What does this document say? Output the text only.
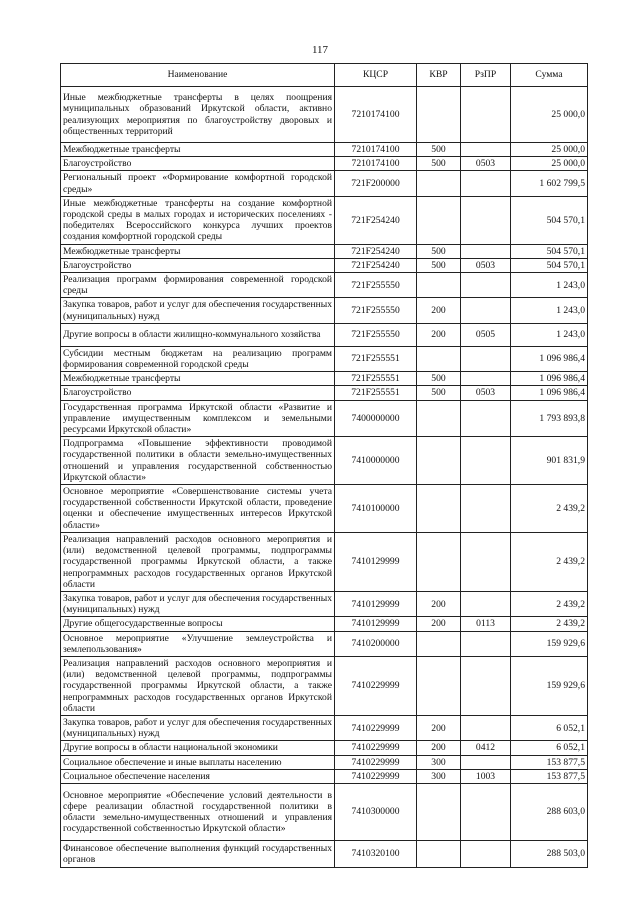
117
Наименование	КЦСР	КВР	РзПР	Сумма
Иные межбюджетные трансферты в целях поощрения муниципальных образований Иркутской области, активно реализующих мероприятия по благоустройству дворовых и общественных территорий	7210174100			25 000,0
Межбюджетные трансферты	7210174100	500		25 000,0
Благоустройство	7210174100	500	0503	25 000,0
Региональный проект «Формирование комфортной городской среды»	721F200000			1 602 799,5
Иные межбюджетные трансферты на создание комфортной городской среды в малых городах и исторических поселениях - победителях Всероссийского конкурса лучших проектов создания комфортной городской среды	721F254240			504 570,1
Межбюджетные трансферты	721F254240	500		504 570,1
Благоустройство	721F254240	500	0503	504 570,1
Реализация программ формирования современной городской среды	721F255550			1 243,0
Закупка товаров, работ и услуг для обеспечения государственных (муниципальных) нужд	721F255550	200		1 243,0
Другие вопросы в области жилищно-коммунального хозяйства	721F255550	200	0505	1 243,0
Субсидии местным бюджетам на реализацию программ формирования современной городской среды	721F255551			1 096 986,4
Межбюджетные трансферты	721F255551	500		1 096 986,4
Благоустройство	721F255551	500	0503	1 096 986,4
Государственная программа Иркутской области «Развитие и управление имущественным комплексом и земельными ресурсами Иркутской области»	7400000000			1 793 893,8
Подпрограмма «Повышение эффективности проводимой государственной политики в области земельно-имущественных отношений и управления государственной собственностью Иркутской области»	7410000000			901 831,9
Основное мероприятие «Совершенствование системы учета государственной собственности Иркутской области, проведение оценки и обеспечение имущественных интересов Иркутской области»	7410100000			2 439,2
Реализация направлений расходов основного мероприятия и (или) ведомственной целевой программы, подпрограммы государственной программы Иркутской области, а также непрограммных расходов государственных органов Иркутской области	7410129999			2 439,2
Закупка товаров, работ и услуг для обеспечения государственных (муниципальных) нужд	7410129999	200		2 439,2
Другие общегосударственные вопросы	7410129999	200	0113	2 439,2
Основное мероприятие «Улучшение землеустройства и землепользования»	7410200000			159 929,6
Реализация направлений расходов основного мероприятия и (или) ведомственной целевой программы, подпрограммы государственной программы Иркутской области, а также непрограммных расходов государственных органов Иркутской области	7410229999			159 929,6
Закупка товаров, работ и услуг для обеспечения государственных (муниципальных) нужд	7410229999	200		6 052,1
Другие вопросы в области национальной экономики	7410229999	200	0412	6 052,1
Социальное обеспечение и иные выплаты населению	7410229999	300		153 877,5
Социальное обеспечение населения	7410229999	300	1003	153 877,5
Основное мероприятие «Обеспечение условий деятельности в сфере реализации областной государственной политики в области земельно-имущественных отношений и управления государственной собственностью Иркутской области»	7410300000			288 603,0
Финансовое обеспечение выполнения функций государственных органов	7410320100			288 503,0
